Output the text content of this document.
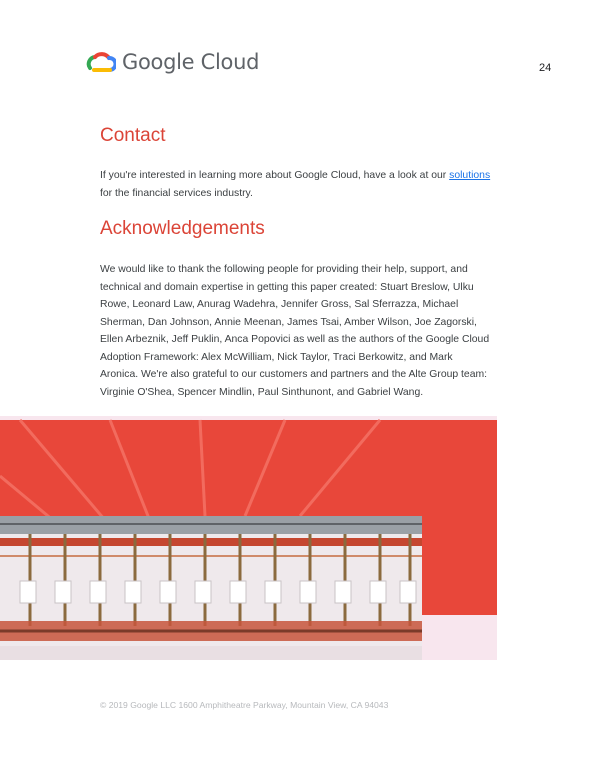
Google Cloud	24
Contact

If you're interested in learning more about Google Cloud, have a look at our solutions for the financial services industry.

Acknowledgements

We would like to thank the following people for providing their help, support, and technical and domain expertise in getting this paper created: Stuart Breslow, Ulku Rowe, Leonard Law, Anurag Wadehra, Jennifer Gross, Sal Sferrazza, Michael Sherman, Dan Johnson, Annie Meenan, James Tsai, Amber Wilson, Joe Zagorski, Ellen Arbeznik, Jeff Puklin, Anca Popovici as well as the authors of the Google Cloud Adoption Framework: Alex McWilliam, Nick Taylor, Traci Berkowitz, and Mark Aronica. We're also grateful to our customers and partners and the Alte Group team: Virginie O'Shea, Spencer Mindlin, Paul Sinthunont, and Gabriel Wang.

© 2019 Google LLC 1600 Amphitheatre Parkway, Mountain View, CA 94043
